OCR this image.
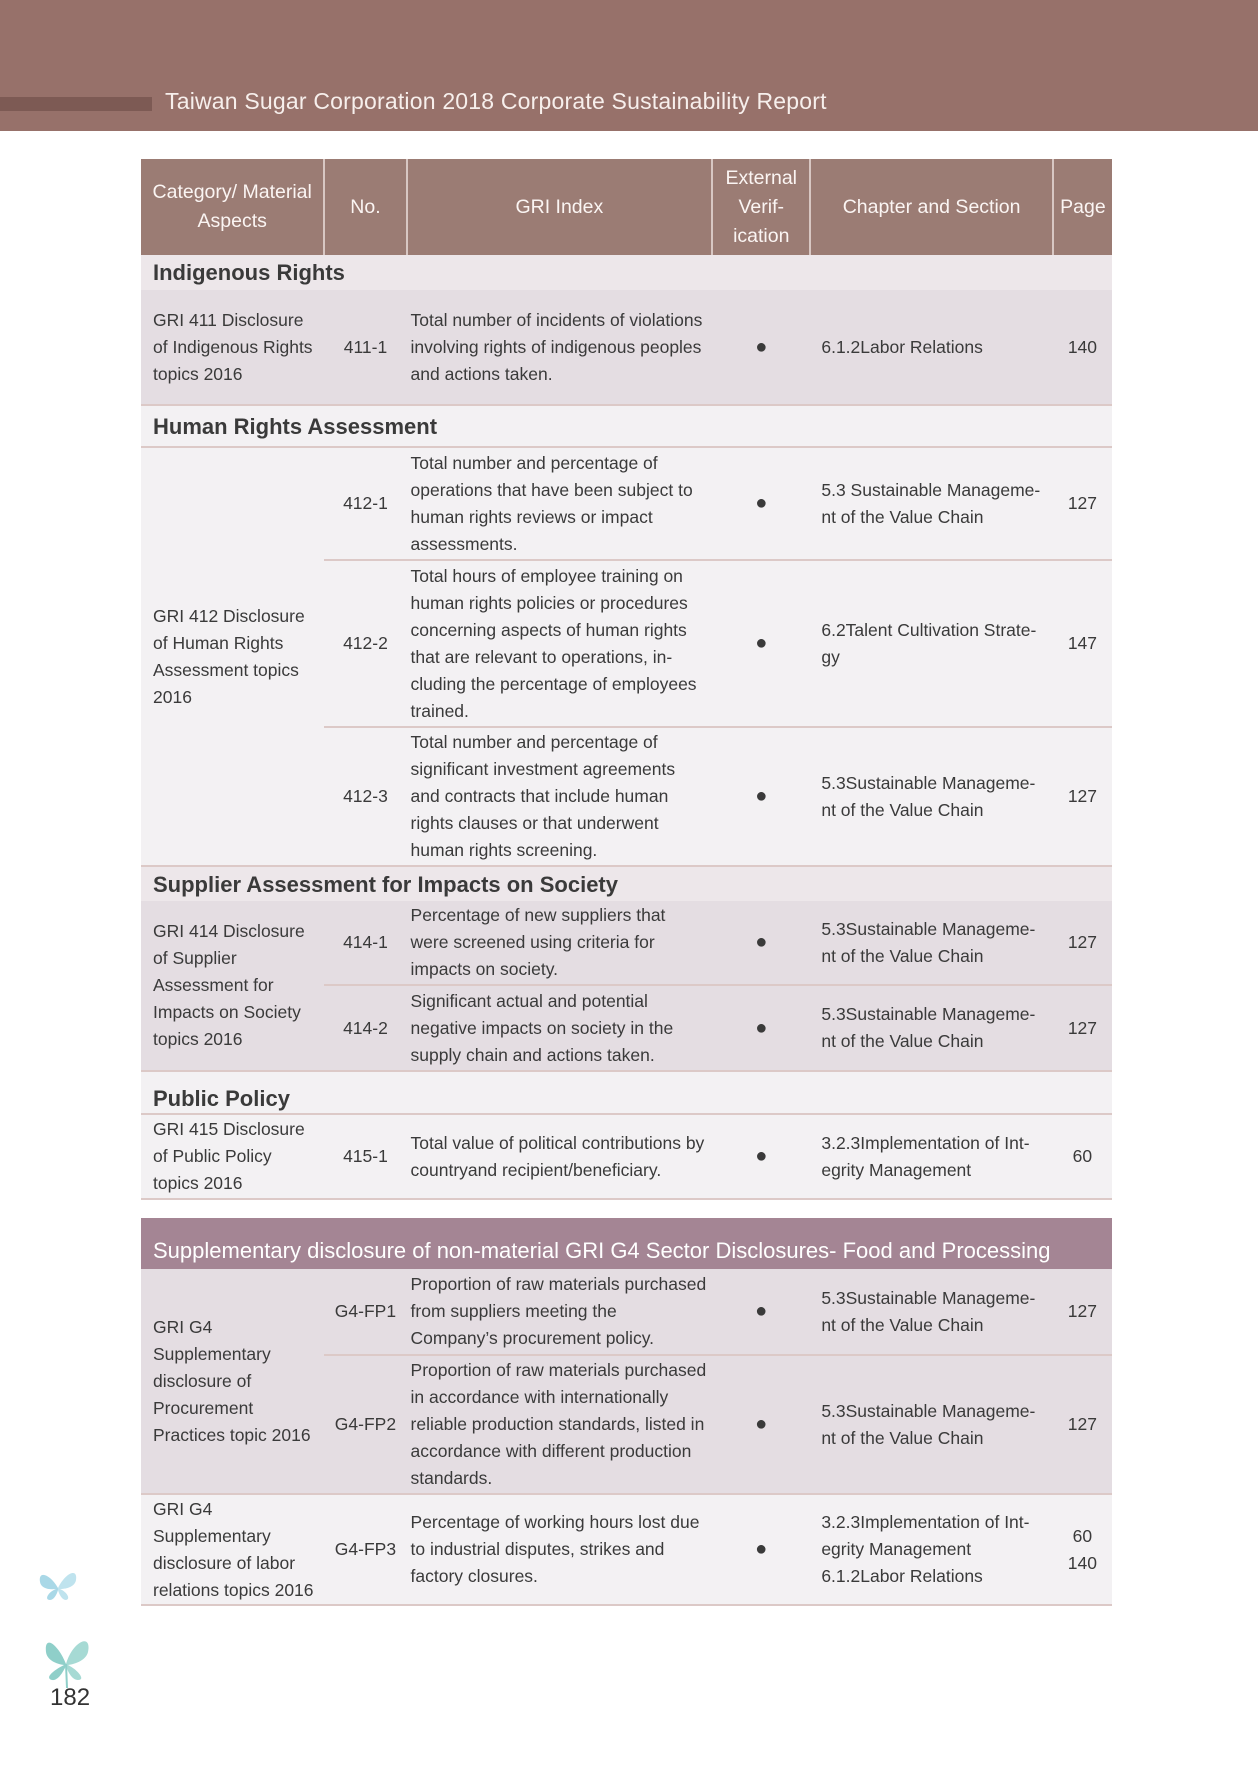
Taiwan Sugar Corporation 2018 Corporate Sustainability Report
Category/ Material Aspects	No.	GRI Index	External Verif- ication	Chapter and Section	Page
Indigenous Rights					
GRI 411 Disclosure of Indigenous Rights topics 2016	411-1	Total number of incidents of violations involving rights of indigenous peoples and actions taken.	●	6.1.2Labor Relations	140
Human Rights Assessment					
GRI 412 Disclosure of Human Rights Assessment topics 2016	412-1	Total number and percentage of operations that have been subject to human rights reviews or impact assessments.	●	5.3 Sustainable Manageme- nt of the Value Chain	127
	412-2	Total hours of employee training on human rights policies or procedures concerning aspects of human rights that are relevant to operations, in- cluding the percentage of employees trained.	●	6.2Talent Cultivation Strate- gy	147
	412-3	Total number and percentage of significant investment agreements and contracts that include human rights clauses or that underwent human rights screening.	●	5.3Sustainable Manageme- nt of the Value Chain	127
Supplier Assessment for Impacts on Society					
GRI 414 Disclosure of Supplier Assessment for Impacts on Society topics 2016	414-1	Percentage of new suppliers that were screened using criteria for impacts on society.	●	5.3Sustainable Manageme- nt of the Value Chain	127
	414-2	Significant actual and potential negative impacts on society in the supply chain and actions taken.	●	5.3Sustainable Manageme- nt of the Value Chain	127
Public Policy					
GRI 415 Disclosure of Public Policy topics 2016	415-1	Total value of political contributions by countryand recipient/beneficiary.	●	3.2.3Implementation of Int- egrity Management	60
Supplementary disclosure of non-material GRI G4 Sector Disclosures- Food and Processing					
GRI G4 Supplementary disclosure of Procurement Practices topic 2016	G4-FP1	Proportion of raw materials purchased from suppliers meeting the Company’s procurement policy.	●	5.3Sustainable Manageme- nt of the Value Chain	127
	G4-FP2	Proportion of raw materials purchased in accordance with internationally reliable production standards, listed in accordance with different production standards.	●	5.3Sustainable Manageme- nt of the Value Chain	127
GRI G4 Supplementary disclosure of labor relations topics 2016	G4-FP3	Percentage of working hours lost due to industrial disputes, strikes and factory closures.	●	3.2.3Implementation of Int- egrity Management 6.1.2Labor Relations	60 140
182
